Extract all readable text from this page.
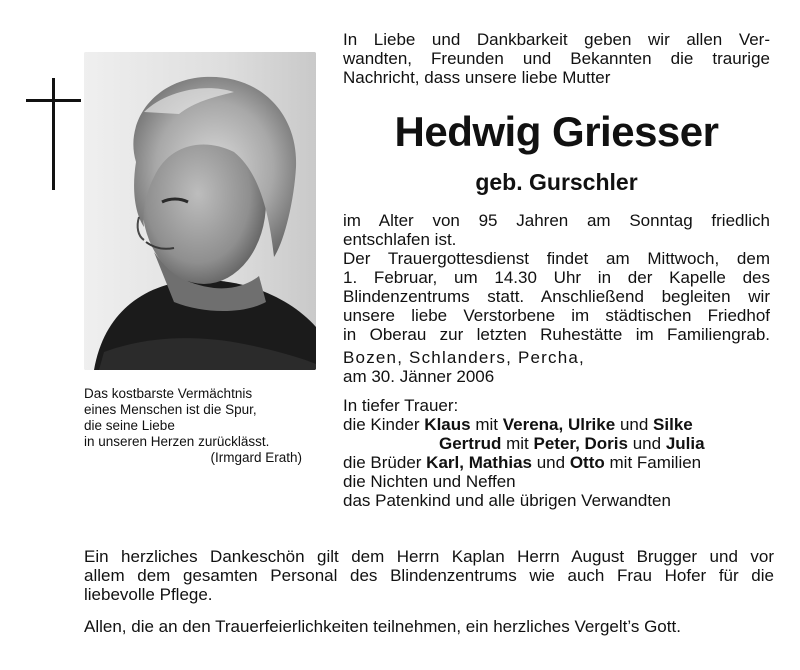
Das kostbarste Vermächtnis
eines Menschen ist die Spur,
die seine Liebe
in unseren Herzen zurücklässt.
(Irmgard Erath)
In Liebe und Dankbarkeit geben wir allen Ver-
wandten, Freunden und Bekannten die traurige
Nachricht, dass unsere liebe Mutter
Hedwig Griesser
geb. Gurschler
im Alter von 95 Jahren am Sonntag friedlich
entschlafen ist.
Der Trauergottesdienst findet am Mittwoch, dem
1. Februar, um 14.30 Uhr in der Kapelle des
Blindenzentrums statt. Anschließend begleiten wir
unsere liebe Verstorbene im städtischen Friedhof
in Oberau zur letzten Ruhestätte im Familiengrab.
Bozen, Schlanders, Percha,
am 30. Jänner 2006
In tiefer Trauer:
die Kinder Klaus mit Verena, Ulrike und Silke
Gertrud mit Peter, Doris und Julia
die Brüder Karl, Mathias und Otto mit Familien
die Nichten und Neffen
das Patenkind und alle übrigen Verwandten
Ein herzliches Dankeschön gilt dem Herrn Kaplan Herrn August Brugger und vor
allem dem gesamten Personal des Blindenzentrums wie auch Frau Hofer für die
liebevolle Pflege.
Allen, die an den Trauerfeierlichkeiten teilnehmen, ein herzliches Vergelt’s Gott.
